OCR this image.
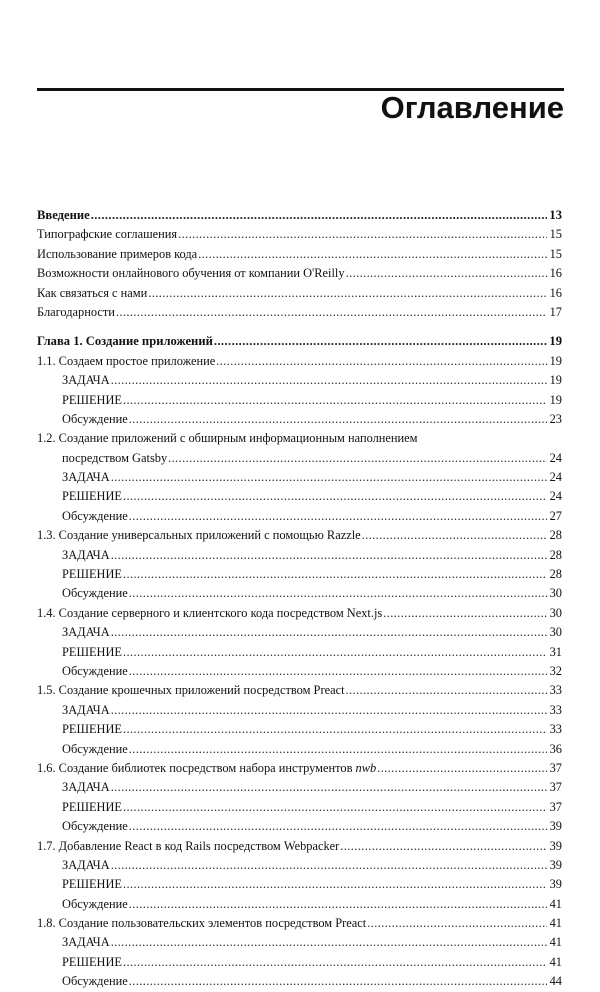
Оглавление
Введение .....	13
Типографские соглашения .....	15
Использование примеров кода .....	15
Возможности онлайнового обучения от компании O'Reilly .....	16
Как связаться с нами .....	16
Благодарности .....	17
Глава 1. Создание приложений .....	19
1.1. Создаем простое приложение .....	19
ЗАДАЧА .....	19
РЕШЕНИЕ .....	19
Обсуждение .....	23
1.2. Создание приложений с обширным информационным наполнением
посредством Gatsby .....	24
ЗАДАЧА .....	24
РЕШЕНИЕ .....	24
Обсуждение .....	27
1.3. Создание универсальных приложений с помощью Razzle .....	28
ЗАДАЧА .....	28
РЕШЕНИЕ .....	28
Обсуждение .....	30
1.4. Создание серверного и клиентского кода посредством Next.js .....	30
ЗАДАЧА .....	30
РЕШЕНИЕ .....	31
Обсуждение .....	32
1.5. Создание крошечных приложений посредством Preact .....	33
ЗАДАЧА .....	33
РЕШЕНИЕ .....	33
Обсуждение .....	36
1.6. Создание библиотек посредством набора инструментов nwb .....	37
ЗАДАЧА .....	37
РЕШЕНИЕ .....	37
Обсуждение .....	39
1.7. Добавление React в код Rails посредством Webpacker .....	39
ЗАДАЧА .....	39
РЕШЕНИЕ .....	39
Обсуждение .....	41
1.8. Создание пользовательских элементов посредством Preact .....	41
ЗАДАЧА .....	41
РЕШЕНИЕ .....	41
Обсуждение .....	44
